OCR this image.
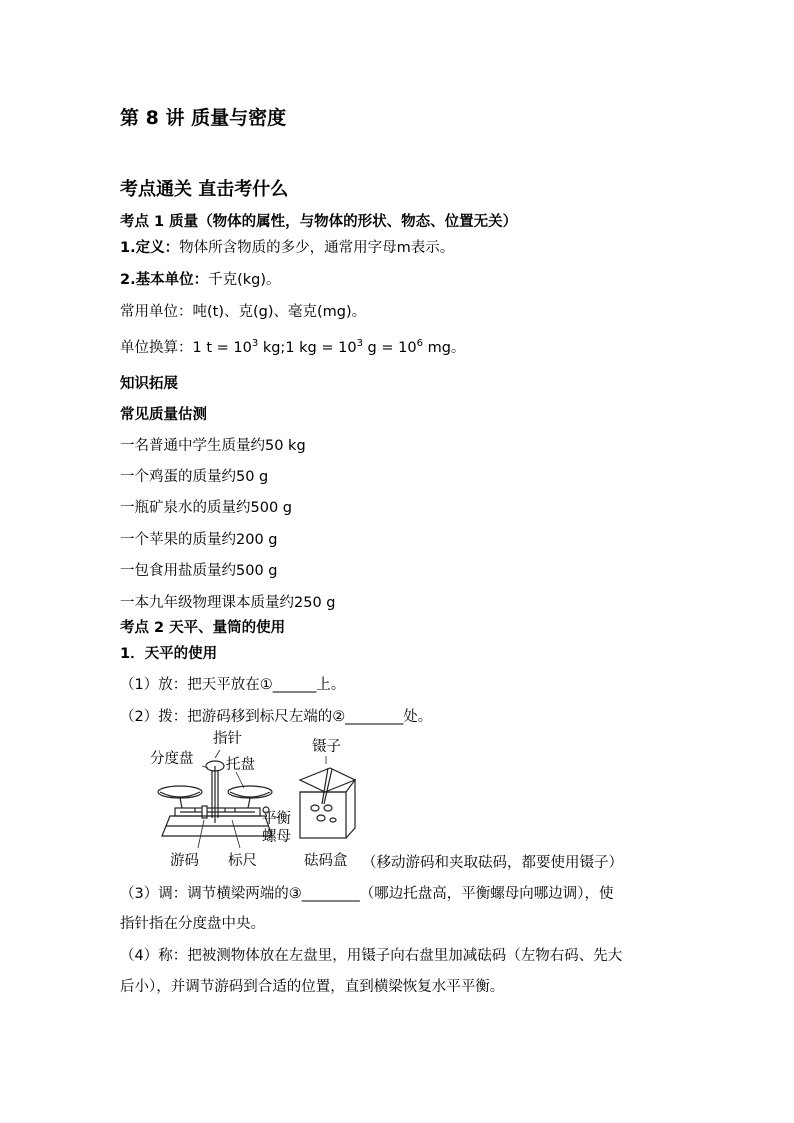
第 8 讲 质量与密度
考点通关 直击考什么
考点 1 质量（物体的属性，与物体的形状、物态、位置无关）
1.定义：物体所含物质的多少，通常用字母m表示。
2.基本单位：千克(kg)。
常用单位：吨(t)、克(g)、毫克(mg)。
单位换算：1 $t = 10^3$ kg;1 kg = $10^3$ $g = 10^6$ mg。
知识拓展
常见质量估测
一名普通中学生质量约50 kg
一个鸡蛋的质量约50 g
一瓶矿泉水的质量约500 g
一个苹果的质量约200 g
一包食用盐质量约500 g
一本九年级物理课本质量约250 g
考点 2 天平、量筒的使用
1．天平的使用
（1）放：把天平放在①______上。
（2）拨：把游码移到标尺左端的②________处。
指针
分度盘 托盘
平衡
螺母
游码 标尺
镊子
砝码盒 （移动游码和夹取砝码，都要使用镊子）
（3）调：调节横梁两端的③________（哪边托盘高，平衡螺母向哪边调），使
指针指在分度盘中央。
（4）称：把被测物体放在左盘里，用镊子向右盘里加减砝码（左物右码、先大
后小），并调节游码到合适的位置，直到横梁恢复水平平衡。
